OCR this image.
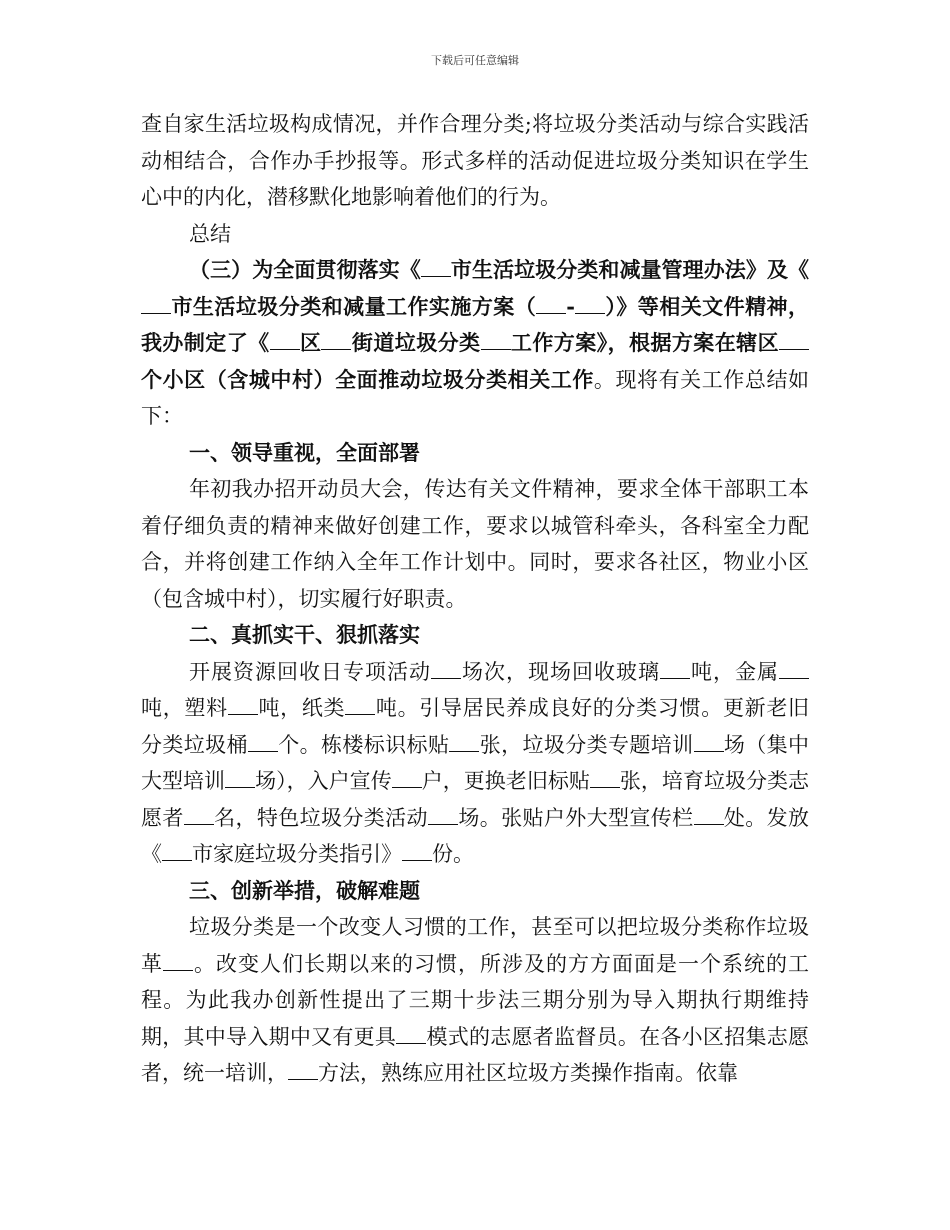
下载后可任意编辑

查自家生活垃圾构成情况，并作合理分类;将垃圾分类活动与综合实践活动相结合，合作办手抄报等。形式多样的活动促进垃圾分类知识在学生心中的内化，潜移默化地影响着他们的行为。

总结

（三）为全面贯彻落实《 市生活垃圾分类和减量管理办法》及《市生活垃圾分类和减量工作实施方案（ - ）》等相关文件精神，我办制定了《 区 街道垃圾分类 工作方案》，根据方案在辖区个小区（含城中村）全面推动垃圾分类相关工作。现将有关工作总结如下：

一、领导重视，全面部署

年初我办招开动员大会，传达有关文件精神，要求全体干部职工本着仔细负责的精神来做好创建工作，要求以城管科牵头，各科室全力配合，并将创建工作纳入全年工作计划中。同时，要求各社区，物业小区（包含城中村），切实履行好职责。

二、真抓实干、狠抓落实

开展资源回收日专项活动 场次，现场回收玻璃 吨，金属吨，塑料 吨，纸类 吨。引导居民养成良好的分类习惯。更新老旧分类垃圾桶 个。栋楼标识标贴 张，垃圾分类专题培训 场（集中大型培训 场），入户宣传 户，更换老旧标贴 张，培育垃圾分类志愿者 名，特色垃圾分类活动 场。张贴户外大型宣传栏 处。发放《 市家庭垃圾分类指引》 份。

三、创新举措，破解难题

垃圾分类是一个改变人习惯的工作，甚至可以把垃圾分类称作垃圾革 。改变人们长期以来的习惯，所涉及的方方面面是一个系统的工程。为此我办创新性提出了三期十步法三期分别为导入期执行期维持期，其中导入期中又有更具 模式的志愿者监督员。在各小区招集志愿者，统一培训， 方法，熟练应用社区垃圾方类操作指南。依靠
